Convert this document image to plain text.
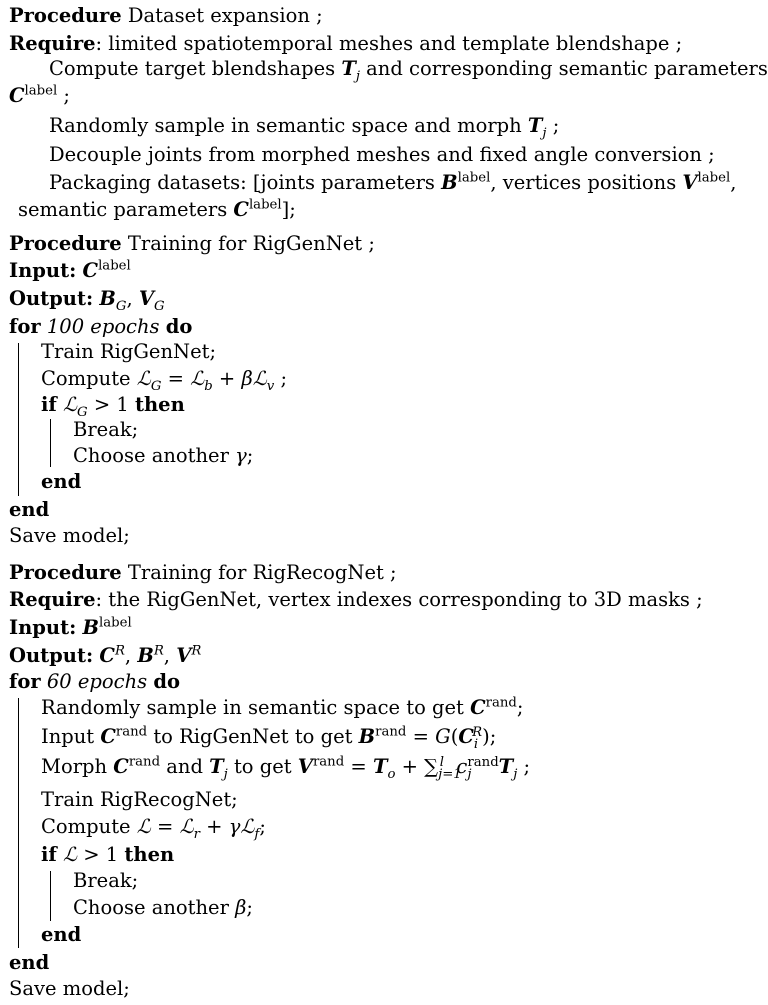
Procedure Dataset expansion ;
Require: limited spatiotemporal meshes and template blendshape ;
Compute target blendshapes $T_j$ and corresponding semantic parameters
$C^{label}$ ;
Randomly sample in semantic space and morph $T_j$ ;
Decouple joints from morphed meshes and fixed angle conversion ;
Packaging datasets: [joints parameters $B^{label}$, vertices positions $V^{label}$,
semantic parameters $C^{label}$];
Procedure Training for RigGenNet ;
Input: $C^{label}$
Output: $B_G$, $V_G$
for 100 epochs do
Train RigGenNet;
Compute ℒ$_G$ = ℒ$_b$ + βℒ$_v$ ;
if ℒ$_G$ > 1 then
Break;
Choose another γ;
end
end
Save model;
Procedure Training for RigRecogNet ;
Require: the RigGenNet, vertex indexes corresponding to 3D masks ;
Input: $B^{label}$
Output: $C^R$, $B^R$, $V^R$
for 60 epochs do
Randomly sample in semantic space to get $C^{rand}$;
Input $C^{rand}$ to RigGenNet to get $B^{rand} = G(C_i^R)$;
Morph $C^{rand}$ and $T_j$ to get $V^{rand} = T_o + \sum_{j=1}^l$ $c_j^{rand}T_j$ ;
Train RigRecogNet;
Compute ℒ = ℒ$_r$ + γℒ$_f$;
if ℒ > 1 then
Break;
Choose another β;
end
end
Save model;
